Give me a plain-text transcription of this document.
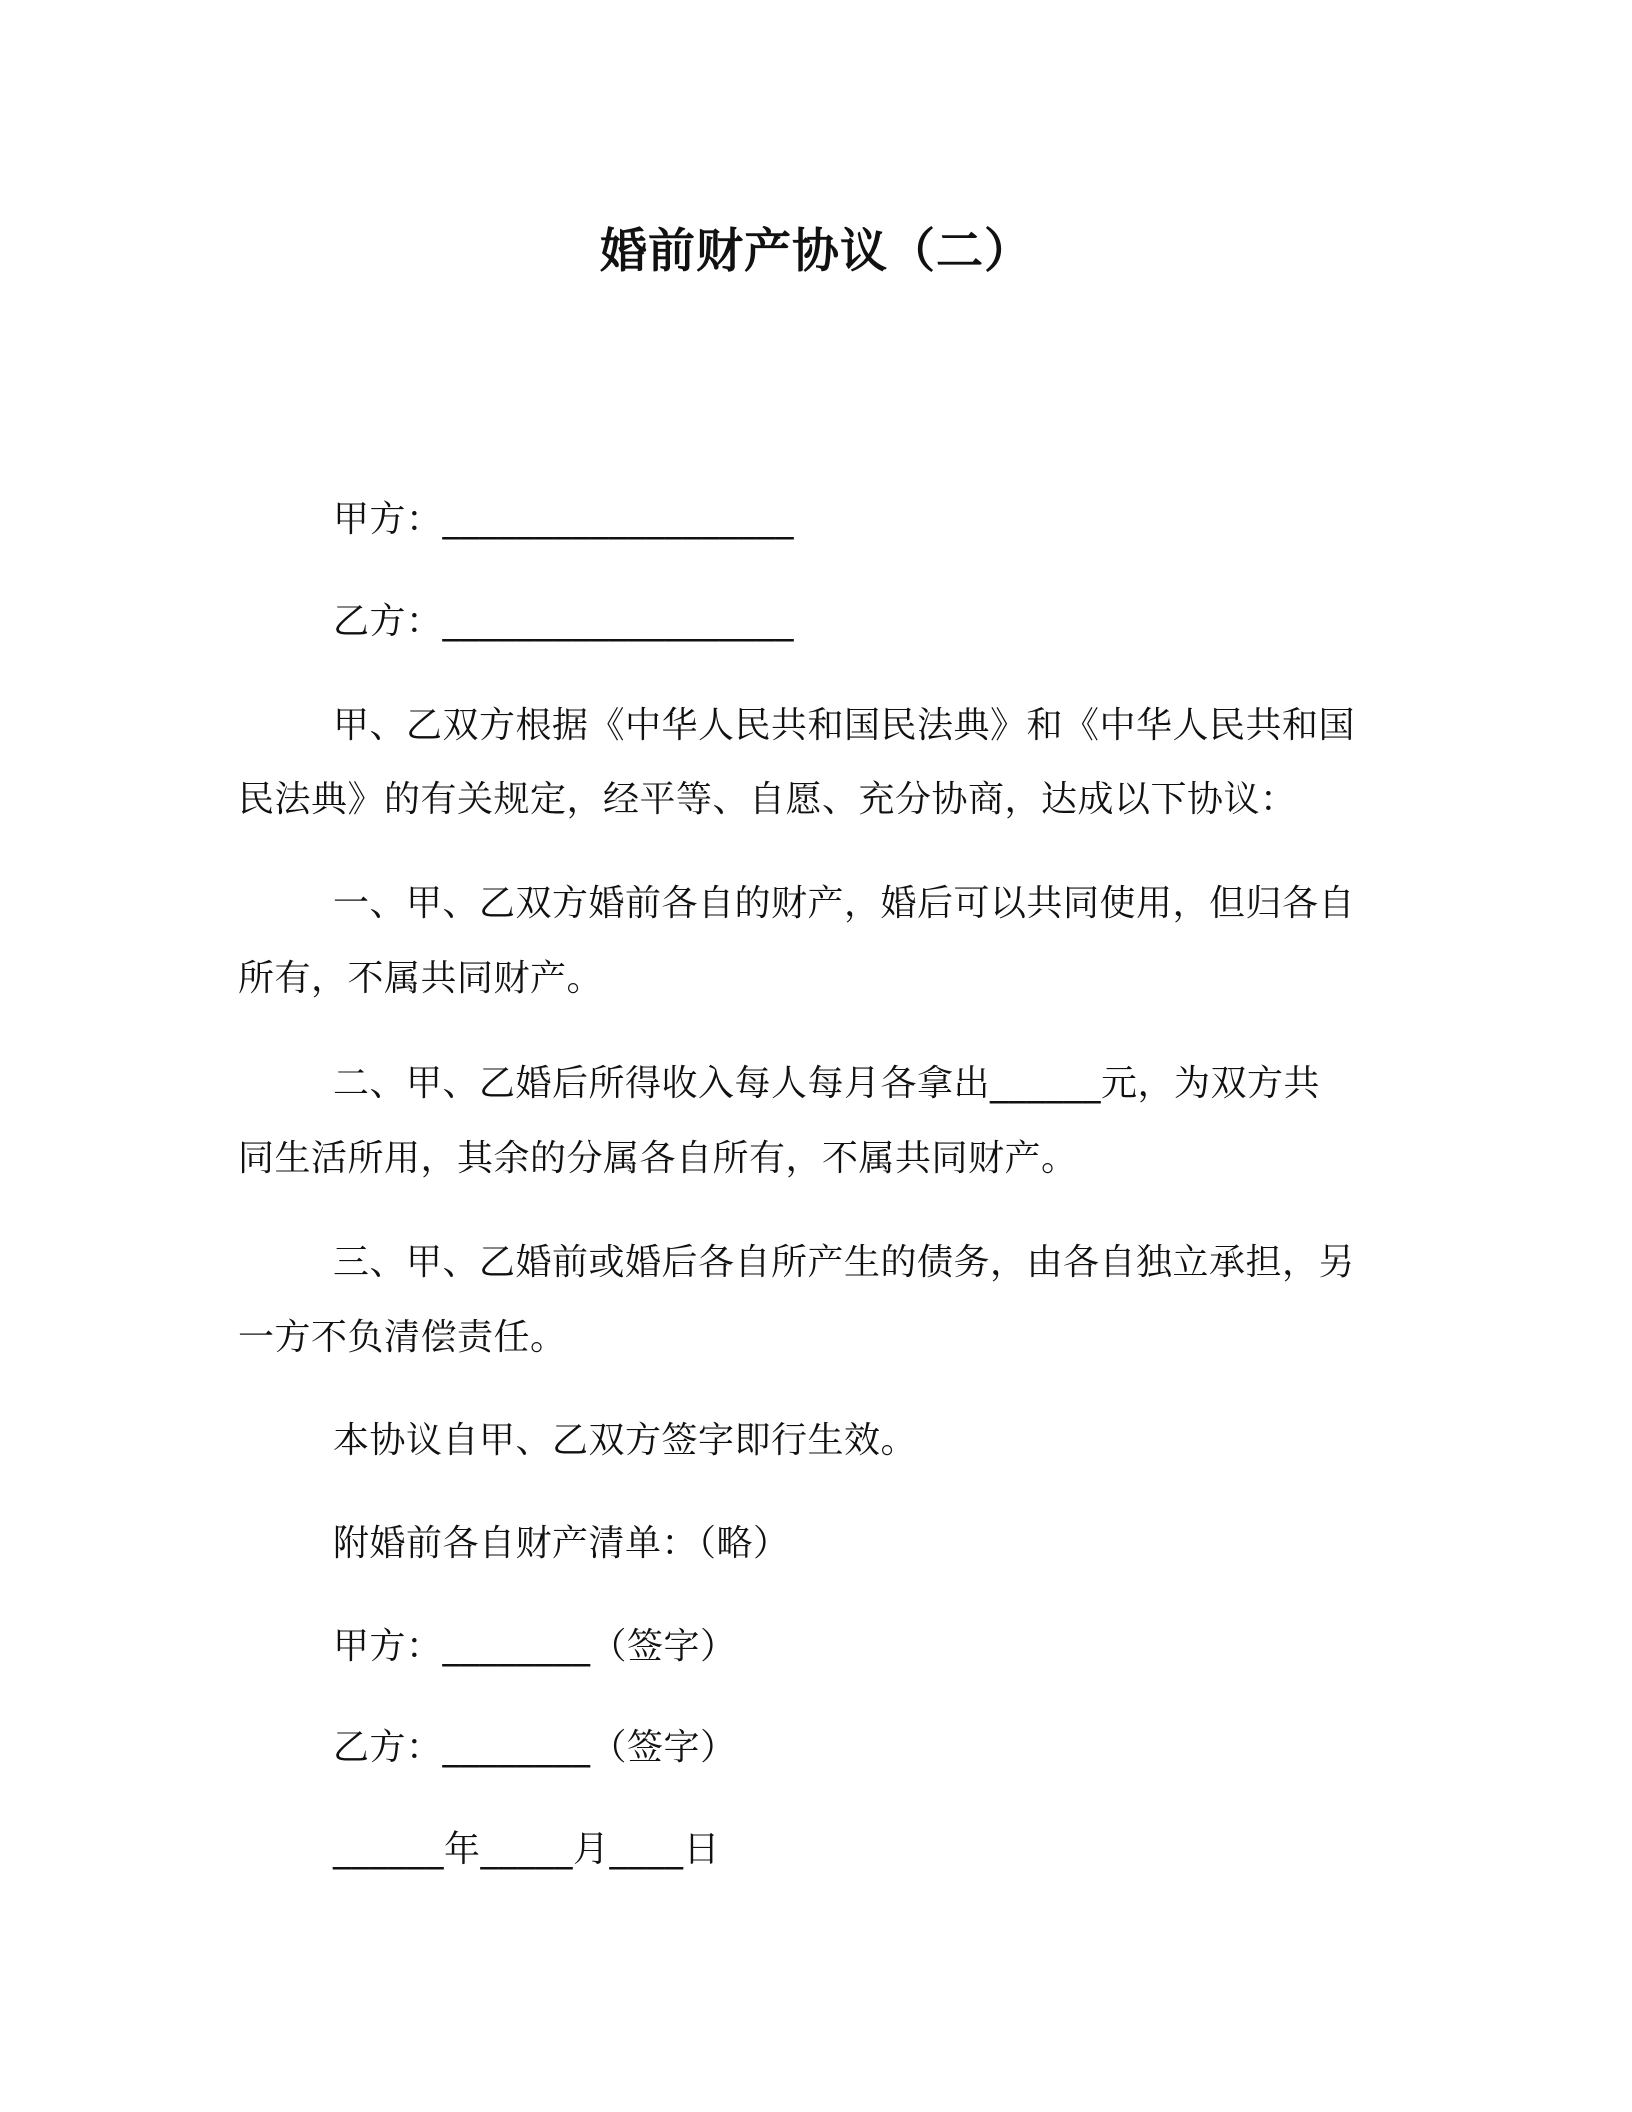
婚前财产协议（二）
甲方：___________________
乙方：___________________
甲、乙双方根据《中华人民共和国民法典》和《中华人民共和国
民法典》的有关规定，经平等、自愿、充分协商，达成以下协议：
一、甲、乙双方婚前各自的财产，婚后可以共同使用，但归各自
所有，不属共同财产。
二、甲、乙婚后所得收入每人每月各拿出______元，为双方共
同生活所用，其余的分属各自所有，不属共同财产。
三、甲、乙婚前或婚后各自所产生的债务，由各自独立承担，另
一方不负清偿责任。
本协议自甲、乙双方签字即行生效。
附婚前各自财产清单：（略）
甲方：________（签字）
乙方：________（签字）
______年_____月____日
